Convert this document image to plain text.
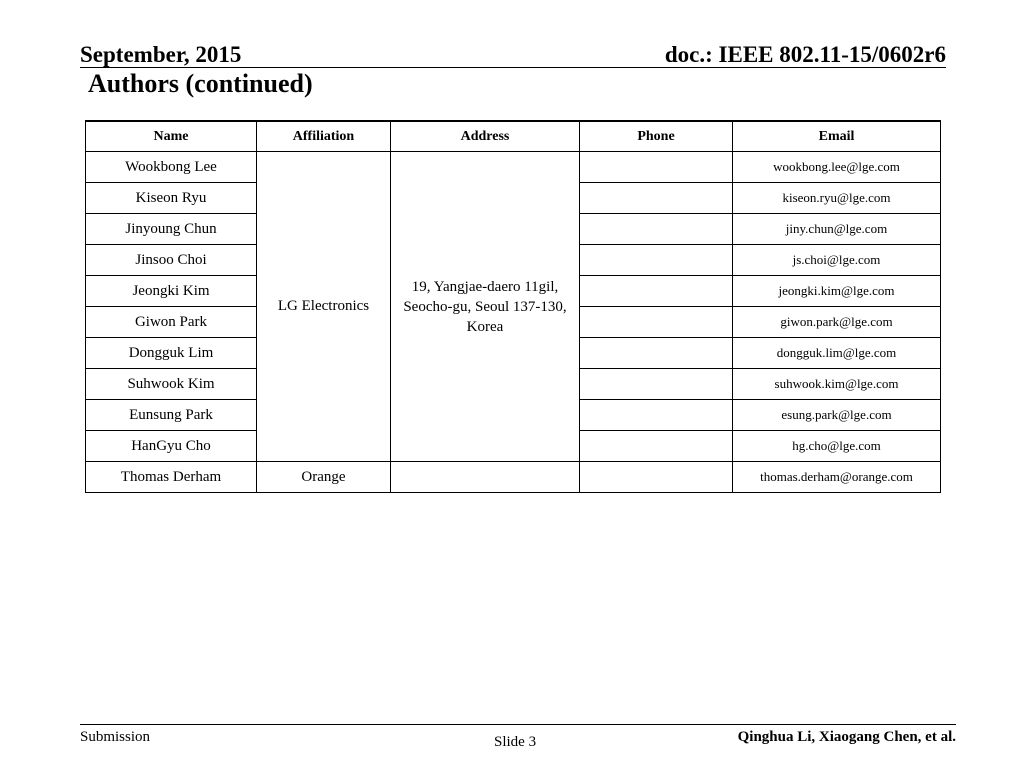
September, 2015	doc.: IEEE 802.11-15/0602r6
Authors (continued)
Name	Affiliation	Address	Phone	Email
Wookbong Lee	LG Electronics	19, Yangjae-daero 11gil, Seocho-gu, Seoul 137-130, Korea		wookbong.lee@lge.com
Kiseon Ryu				kiseon.ryu@lge.com
Jinyoung Chun				jiny.chun@lge.com
Jinsoo Choi				js.choi@lge.com
Jeongki Kim				jeongki.kim@lge.com
Giwon Park				giwon.park@lge.com
Dongguk Lim				dongguk.lim@lge.com
Suhwook Kim				suhwook.kim@lge.com
Eunsung Park				esung.park@lge.com
HanGyu Cho				hg.cho@lge.com
Thomas Derham	Orange			thomas.derham@orange.com
Submission	Slide 3	Qinghua Li, Xiaogang Chen, et al.
